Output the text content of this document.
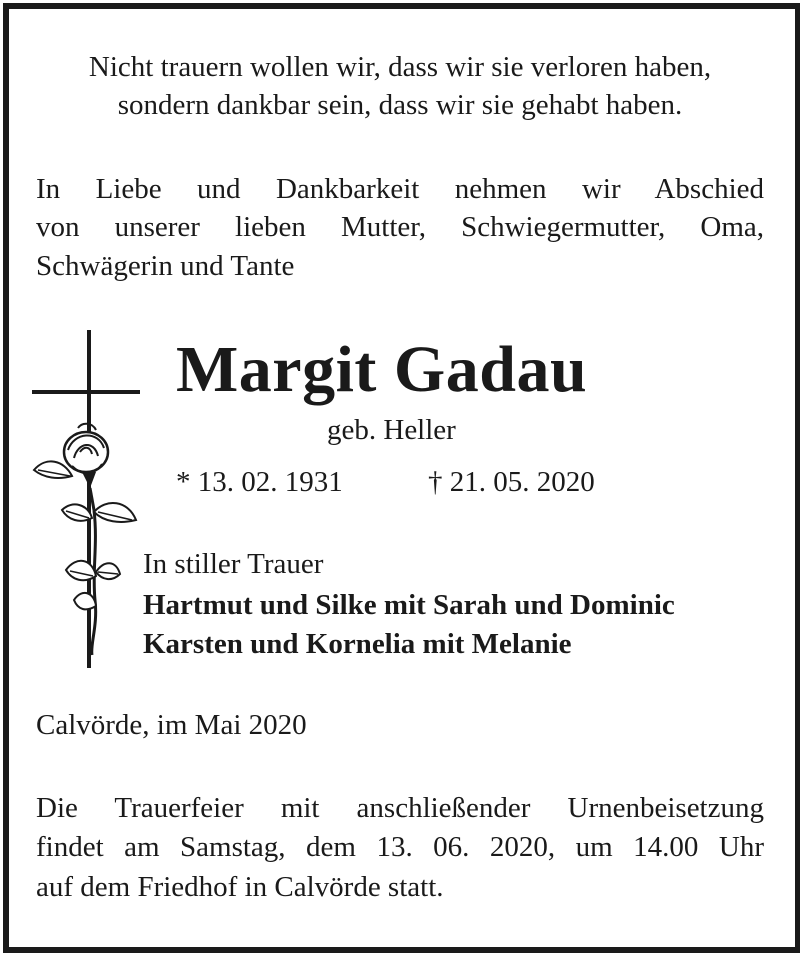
Nicht trauern wollen wir, dass wir sie verloren haben,

sondern dankbar sein, dass wir sie gehabt haben.

In Liebe und Dankbarkeit nehmen wir Abschied

von unserer lieben Mutter, Schwiegermutter, Oma,

Schwägerin und Tante

Margit Gadau
geb. Heller
* 13. 02. 1931	† 21. 05. 2020

In stiller Trauer

Hartmut und Silke mit Sarah und Dominic

Karsten und Kornelia mit Melanie

Calvörde, im Mai 2020

Die Trauerfeier mit anschließender Urnenbeisetzung

findet am Samstag, dem 13. 06. 2020, um 14.00 Uhr

auf dem Friedhof in Calvörde statt.
